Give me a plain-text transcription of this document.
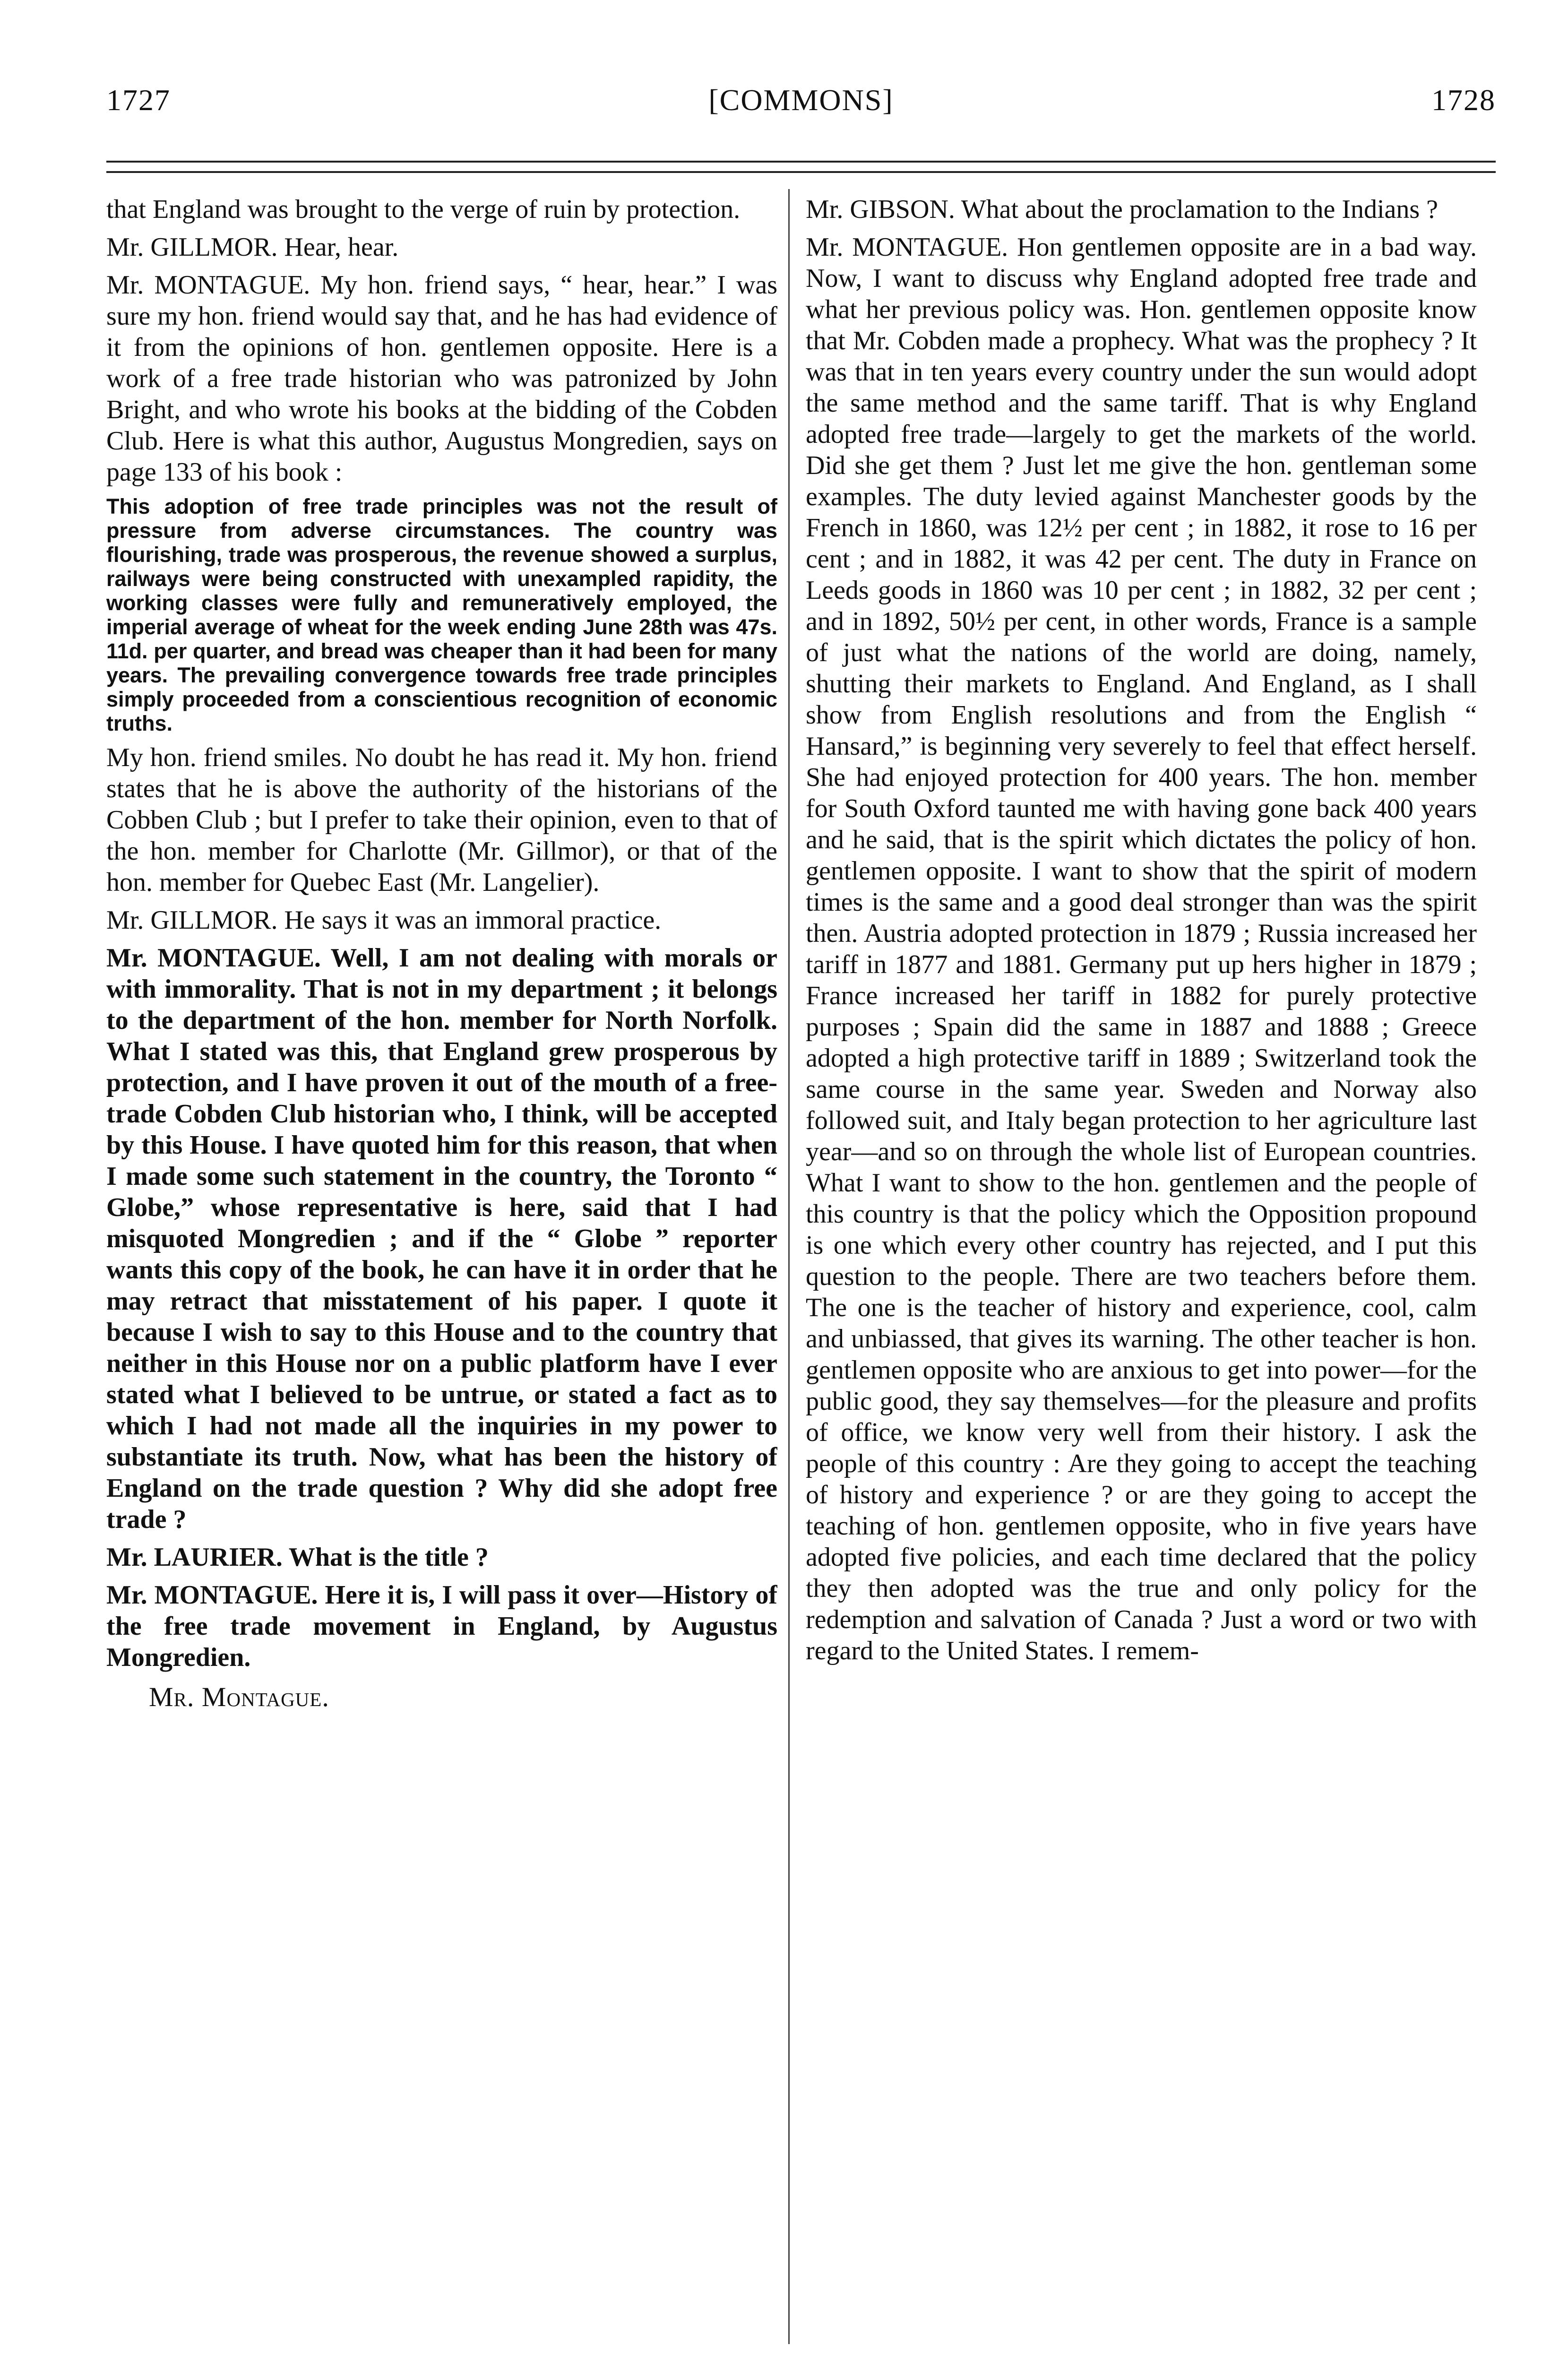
1727	[COMMONS]	1728

that England was brought to the verge of ruin by protection.

Mr. GILLMOR. Hear, hear.

Mr. MONTAGUE. My hon. friend says, “ hear, hear.” I was sure my hon. friend would say that, and he has had evidence of it from the opinions of hon. gentlemen opposite. Here is a work of a free trade historian who was patronized by John Bright, and who wrote his books at the bidding of the Cobden Club. Here is what this author, Augustus Mongredien, says on page 133 of his book :

This adoption of free trade principles was not the result of pressure from adverse circumstances. The country was flourishing, trade was prosperous, the revenue showed a surplus, railways were being constructed with unexampled rapidity, the working classes were fully and remuneratively employed, the imperial average of wheat for the week ending June 28th was 47s. 11d. per quarter, and bread was cheaper than it had been for many years. The prevailing convergence towards free trade principles simply proceeded from a conscientious recognition of economic truths.

My hon. friend smiles. No doubt he has read it. My hon. friend states that he is above the authority of the historians of the Cobben Club ; but I prefer to take their opinion, even to that of the hon. member for Charlotte (Mr. Gillmor), or that of the hon. member for Quebec East (Mr. Langelier).

Mr. GILLMOR. He says it was an immoral practice.

Mr. MONTAGUE. Well, I am not dealing with morals or with immorality. That is not in my department ; it belongs to the department of the hon. member for North Norfolk. What I stated was this, that England grew prosperous by protection, and I have proven it out of the mouth of a free-trade Cobden Club historian who, I think, will be accepted by this House. I have quoted him for this reason, that when I made some such statement in the country, the Toronto “ Globe,” whose representative is here, said that I had misquoted Mongredien ; and if the “ Globe ” reporter wants this copy of the book, he can have it in order that he may retract that misstatement of his paper. I quote it because I wish to say to this House and to the country that neither in this House nor on a public platform have I ever stated what I believed to be untrue, or stated a fact as to which I had not made all the inquiries in my power to substantiate its truth. Now, what has been the history of England on the trade question ? Why did she adopt free trade ?

Mr. LAURIER. What is the title ?

Mr. MONTAGUE. Here it is, I will pass it over—History of the free trade movement in England, by Augustus Mongredien.

Mr. Montague.

Mr. GIBSON. What about the proclamation to the Indians ?

Mr. MONTAGUE. Hon gentlemen opposite are in a bad way. Now, I want to discuss why England adopted free trade and what her previous policy was. Hon. gentlemen opposite know that Mr. Cobden made a prophecy. What was the prophecy ? It was that in ten years every country under the sun would adopt the same method and the same tariff. That is why England adopted free trade—largely to get the markets of the world. Did she get them ? Just let me give the hon. gentleman some examples. The duty levied against Manchester goods by the French in 1860, was 12½ per cent ; in 1882, it rose to 16 per cent ; and in 1882, it was 42 per cent. The duty in France on Leeds goods in 1860 was 10 per cent ; in 1882, 32 per cent ; and in 1892, 50½ per cent, in other words, France is a sample of just what the nations of the world are doing, namely, shutting their markets to England. And England, as I shall show from English resolutions and from the English “ Hansard,” is beginning very severely to feel that effect herself. She had enjoyed protection for 400 years. The hon. member for South Oxford taunted me with having gone back 400 years and he said, that is the spirit which dictates the policy of hon. gentlemen opposite. I want to show that the spirit of modern times is the same and a good deal stronger than was the spirit then. Austria adopted protection in 1879 ; Russia increased her tariff in 1877 and 1881. Germany put up hers higher in 1879 ; France increased her tariff in 1882 for purely protective purposes ; Spain did the same in 1887 and 1888 ; Greece adopted a high protective tariff in 1889 ; Switzerland took the same course in the same year. Sweden and Norway also followed suit, and Italy began protection to her agriculture last year—and so on through the whole list of European countries. What I want to show to the hon. gentlemen and the people of this country is that the policy which the Opposition propound is one which every other country has rejected, and I put this question to the people. There are two teachers before them. The one is the teacher of history and experience, cool, calm and unbiassed, that gives its warning. The other teacher is hon. gentlemen opposite who are anxious to get into power—for the public good, they say themselves—for the pleasure and profits of office, we know very well from their history. I ask the people of this country : Are they going to accept the teaching of history and experience ? or are they going to accept the teaching of hon. gentlemen opposite, who in five years have adopted five policies, and each time declared that the policy they then adopted was the true and only policy for the redemption and salvation of Canada ? Just a word or two with regard to the United States. I remem-
